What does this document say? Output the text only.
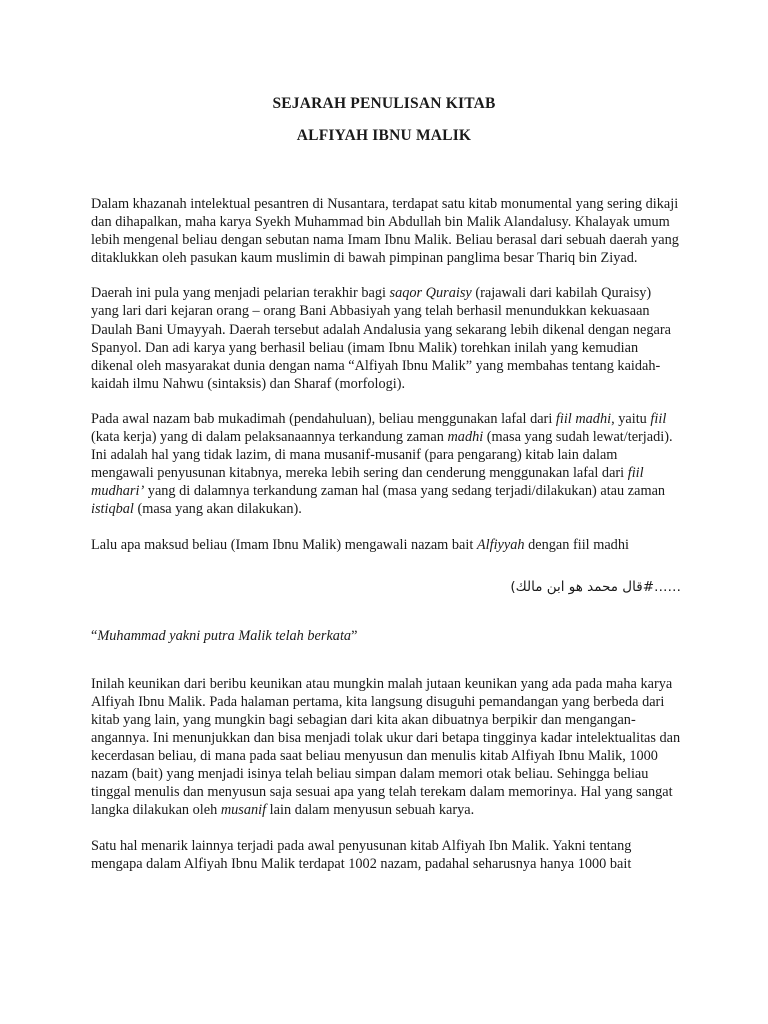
SEJARAH PENULISAN KITAB

ALFIYAH IBNU MALIK

Dalam khazanah intelektual pesantren di Nusantara, terdapat satu kitab monumental yang sering dikaji dan dihapalkan, maha karya Syekh Muhammad bin Abdullah bin Malik Alandalusy. Khalayak umum lebih mengenal beliau dengan sebutan nama Imam Ibnu Malik. Beliau berasal dari sebuah daerah yang ditaklukkan oleh pasukan kaum muslimin di bawah pimpinan panglima besar Thariq bin Ziyad.

Daerah ini pula yang menjadi pelarian terakhir bagi saqor Quraisy (rajawali dari kabilah Quraisy) yang lari dari kejaran orang – orang Bani Abbasiyah yang telah berhasil menundukkan kekuasaan Daulah Bani Umayyah. Daerah tersebut adalah Andalusia yang sekarang lebih dikenal dengan negara Spanyol. Dan adi karya yang berhasil beliau (imam Ibnu Malik) torehkan inilah yang kemudian dikenal oleh masyarakat dunia dengan nama “Alfiyah Ibnu Malik” yang membahas tentang kaidah-kaidah ilmu Nahwu (sintaksis) dan Sharaf (morfologi).

Pada awal nazam bab mukadimah (pendahuluan), beliau menggunakan lafal dari fiil madhi, yaitu fiil (kata kerja) yang di dalam pelaksanaannya terkandung zaman madhi (masa yang sudah lewat/terjadi). Ini adalah hal yang tidak lazim, di mana musanif-musanif (para pengarang) kitab lain dalam mengawali penyusunan kitabnya, mereka lebih sering dan cenderung menggunakan lafal dari fiil mudhari’ yang di dalamnya terkandung zaman hal (masa yang sedang terjadi/dilakukan) atau zaman istiqbal (masa yang akan dilakukan).

Lalu apa maksud beliau (Imam Ibnu Malik) mengawali nazam bait Alfiyyah dengan fiil madhi

(قال محمد هو ابن مالك#……

“Muhammad yakni putra Malik telah berkata”

Inilah keunikan dari beribu keunikan atau mungkin malah jutaan keunikan yang ada pada maha karya Alfiyah Ibnu Malik. Pada halaman pertama, kita langsung disuguhi pemandangan yang berbeda dari kitab yang lain, yang mungkin bagi sebagian dari kita akan dibuatnya berpikir dan mengangan-angannya. Ini menunjukkan dan bisa menjadi tolak ukur dari betapa tingginya kadar intelektualitas dan kecerdasan beliau, di mana pada saat beliau menyusun dan menulis kitab Alfiyah Ibnu Malik, 1000 nazam (bait) yang menjadi isinya telah beliau simpan dalam memori otak beliau. Sehingga beliau tinggal menulis dan menyusun saja sesuai apa yang telah terekam dalam memorinya. Hal yang sangat langka dilakukan oleh musanif lain dalam menyusun sebuah karya.

Satu hal menarik lainnya terjadi pada awal penyusunan kitab Alfiyah Ibn Malik. Yakni tentang mengapa dalam Alfiyah Ibnu Malik terdapat 1002 nazam, padahal seharusnya hanya 1000 bait
